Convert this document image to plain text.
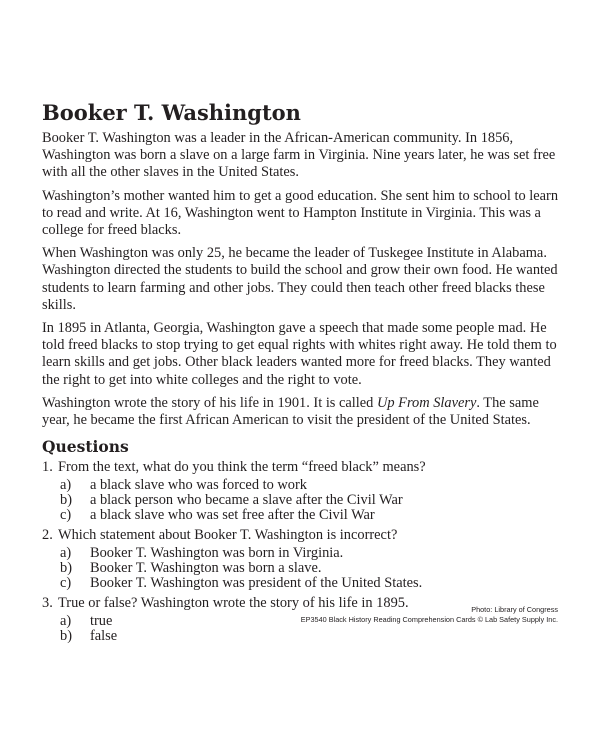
Booker T. Washington

Booker T. Washington was a leader in the African-American community. In 1856, Washington was born a slave on a large farm in Virginia. Nine years later, he was set free with all the other slaves in the United States.

Washington’s mother wanted him to get a good education. She sent him to school to learn to read and write. At 16, Washington went to Hampton Institute in Virginia. This was a college for freed blacks.

When Washington was only 25, he became the leader of Tuskegee Institute in Alabama. Washington directed the students to build the school and grow their own food. He wanted students to learn farming and other jobs. They could then teach other freed blacks these skills.

In 1895 in Atlanta, Georgia, Washington gave a speech that made some people mad. He told freed blacks to stop trying to get equal rights with whites right away. He told them to learn skills and get jobs. Other black leaders wanted more for freed blacks. They wanted the right to get into white colleges and the right to vote.

Washington wrote the story of his life in 1901. It is called Up From Slavery. The same year, he became the first African American to visit the president of the United States.

Questions

1. From the text, what do you think the term “freed black” means?

a)	a black slave who was forced to work
b)	a black person who became a slave after the Civil War
c)	a black slave who was set free after the Civil War

2. Which statement about Booker T. Washington is incorrect?

a)	Booker T. Washington was born in Virginia.
b)	Booker T. Washington was born a slave.
c)	Booker T. Washington was president of the United States.

3. True or false? Washington wrote the story of his life in 1895.

a)	true
b)	false
Photo: Library of Congress
EP3540 Black History Reading Comprehension Cards © Lab Safety Supply Inc.
